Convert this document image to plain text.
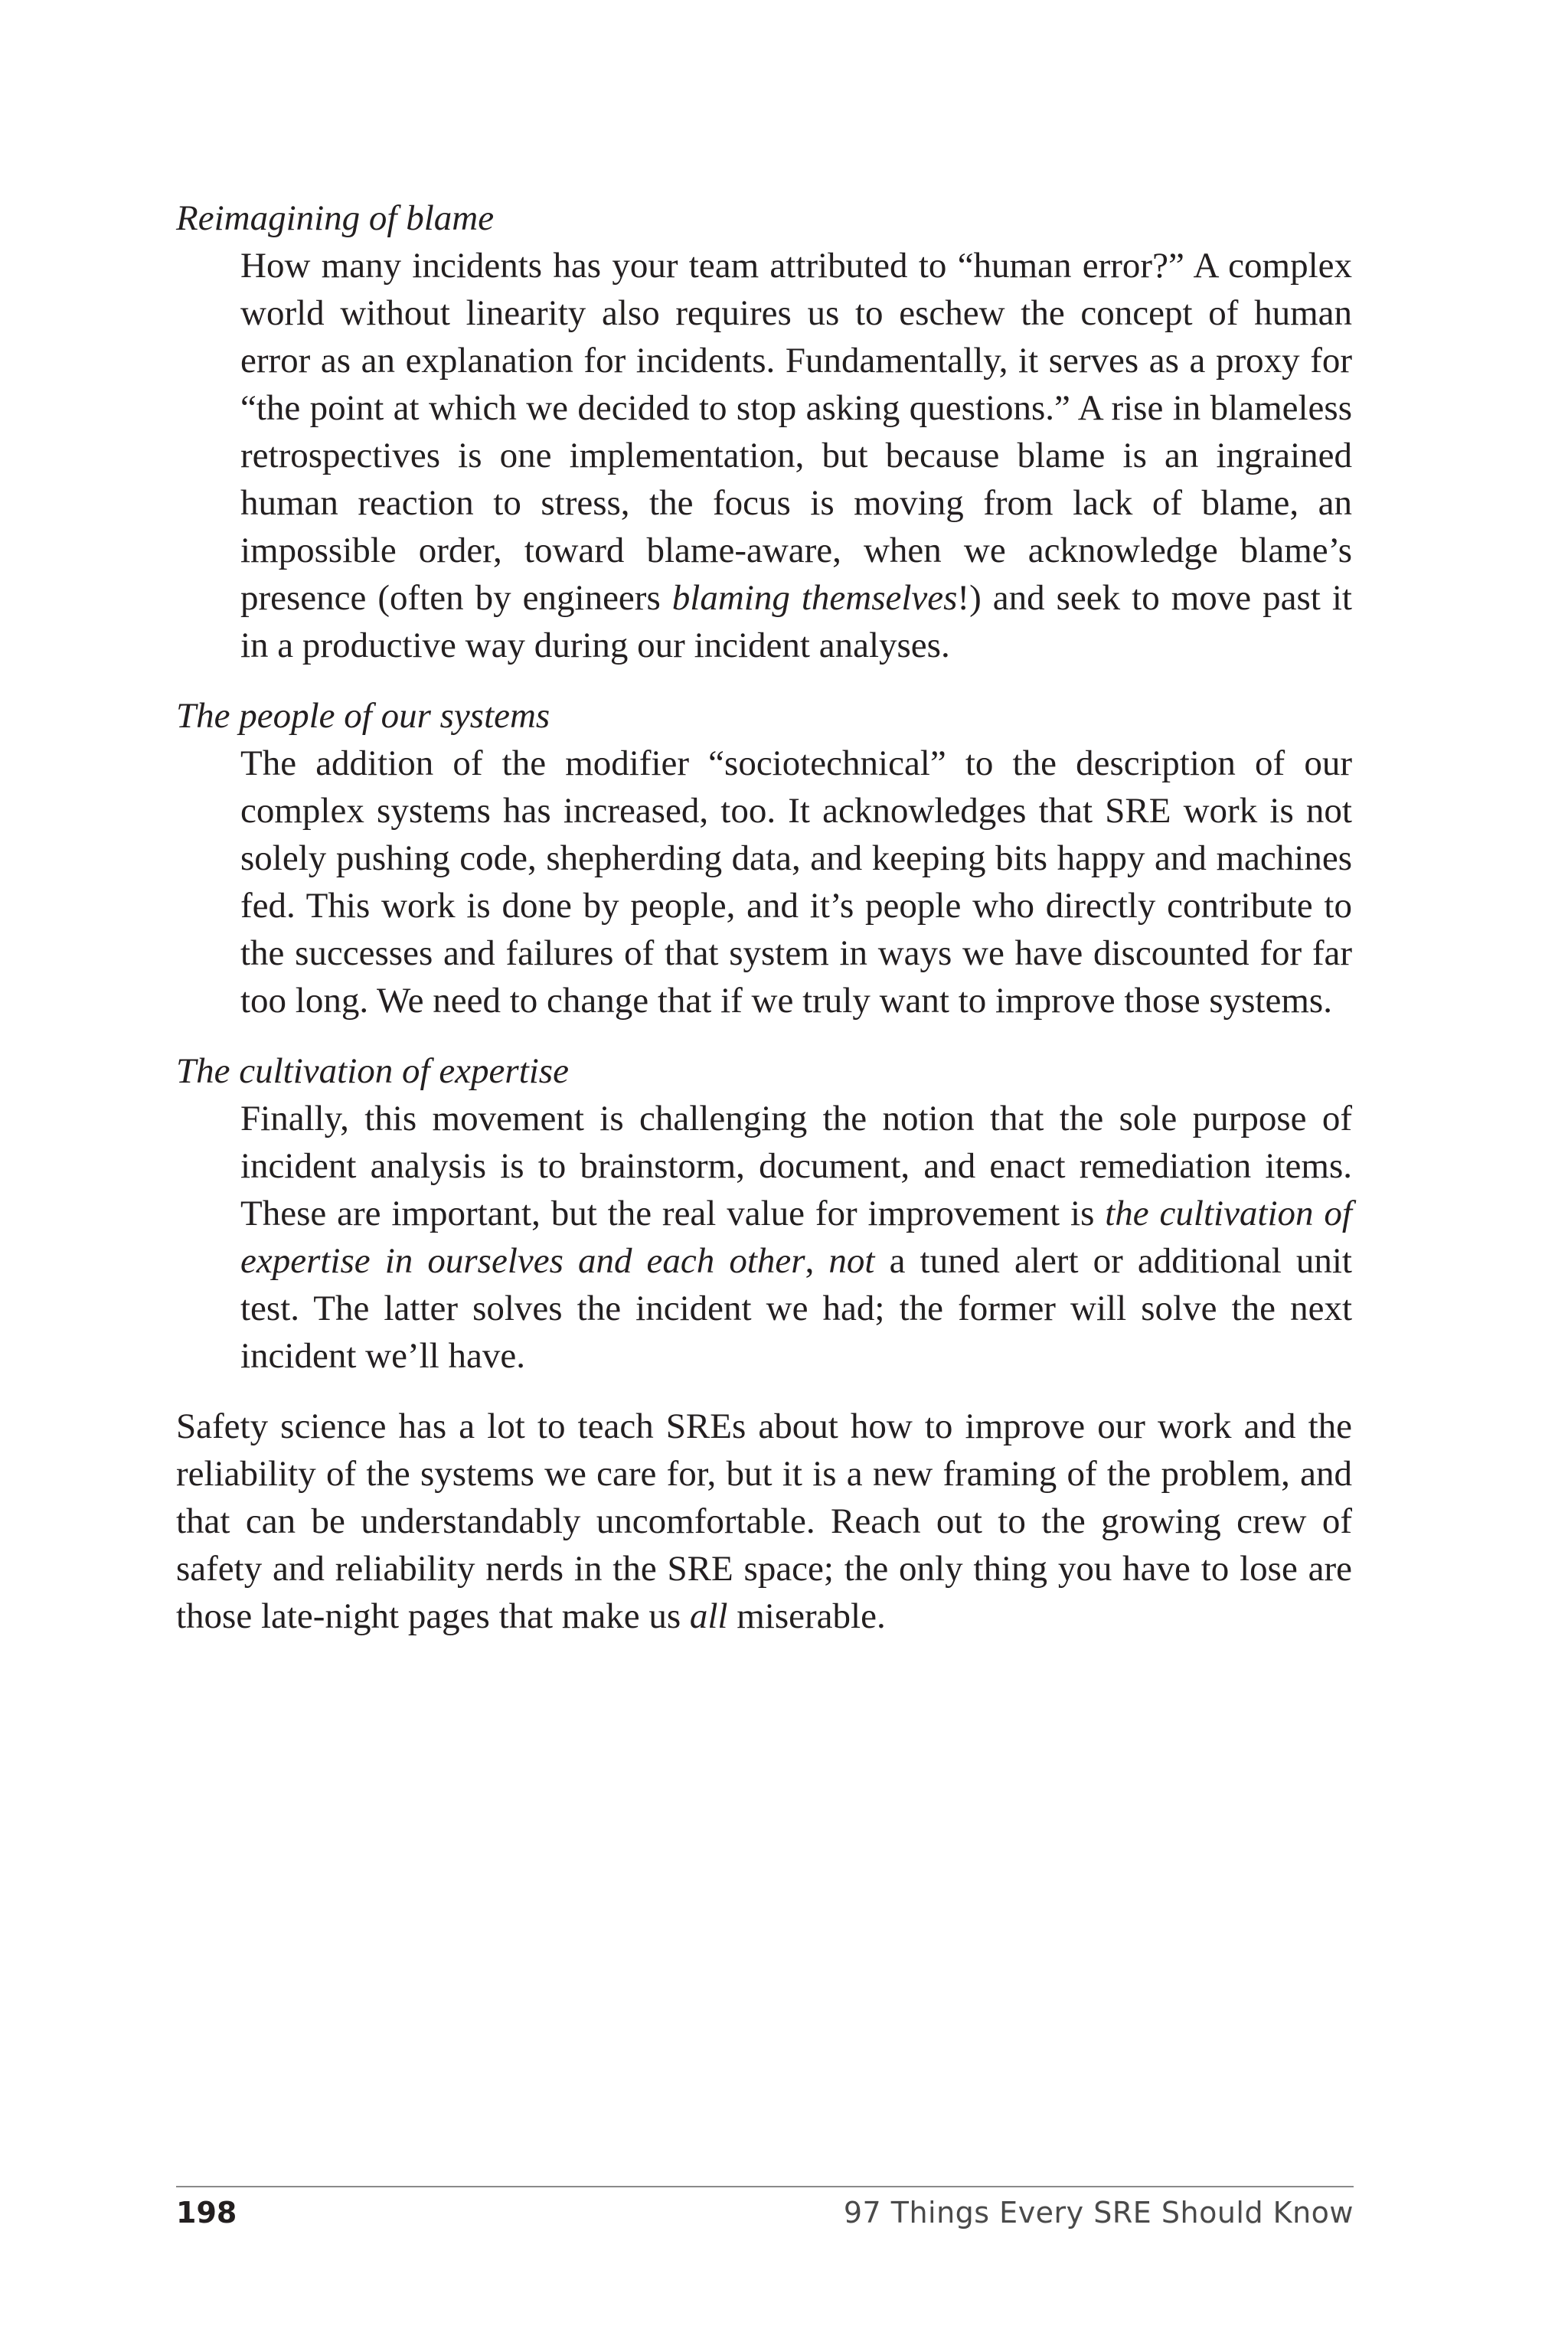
Reimagining of blame

How many incidents has your team attributed to “human error?” A complex world without linearity also requires us to eschew the concept of human error as an explanation for incidents. Fundamentally, it serves as a proxy for “the point at which we decided to stop asking questions.” A rise in blameless retrospectives is one implementation, but because blame is an ingrained human reaction to stress, the focus is moving from lack of blame, an impossible order, toward blame-aware, when we acknowledge blame’s presence (often by engineers blaming themselves!) and seek to move past it in a productive way during our incident analyses.

The people of our systems

The addition of the modifier “sociotechnical” to the description of our complex systems has increased, too. It acknowledges that SRE work is not solely pushing code, shepherding data, and keeping bits happy and machines fed. This work is done by people, and it’s people who directly contribute to the successes and failures of that system in ways we have discounted for far too long. We need to change that if we truly want to improve those systems.

The cultivation of expertise

Finally, this movement is challenging the notion that the sole purpose of incident analysis is to brainstorm, document, and enact remediation items. These are important, but the real value for improvement is the cultivation of expertise in ourselves and each other, not a tuned alert or additional unit test. The latter solves the incident we had; the former will solve the next incident we’ll have.

Safety science has a lot to teach SREs about how to improve our work and the reliability of the systems we care for, but it is a new framing of the problem, and that can be understandably uncomfortable. Reach out to the growing crew of safety and reliability nerds in the SRE space; the only thing you have to lose are those late-night pages that make us all miserable.

198	97 Things Every SRE Should Know
